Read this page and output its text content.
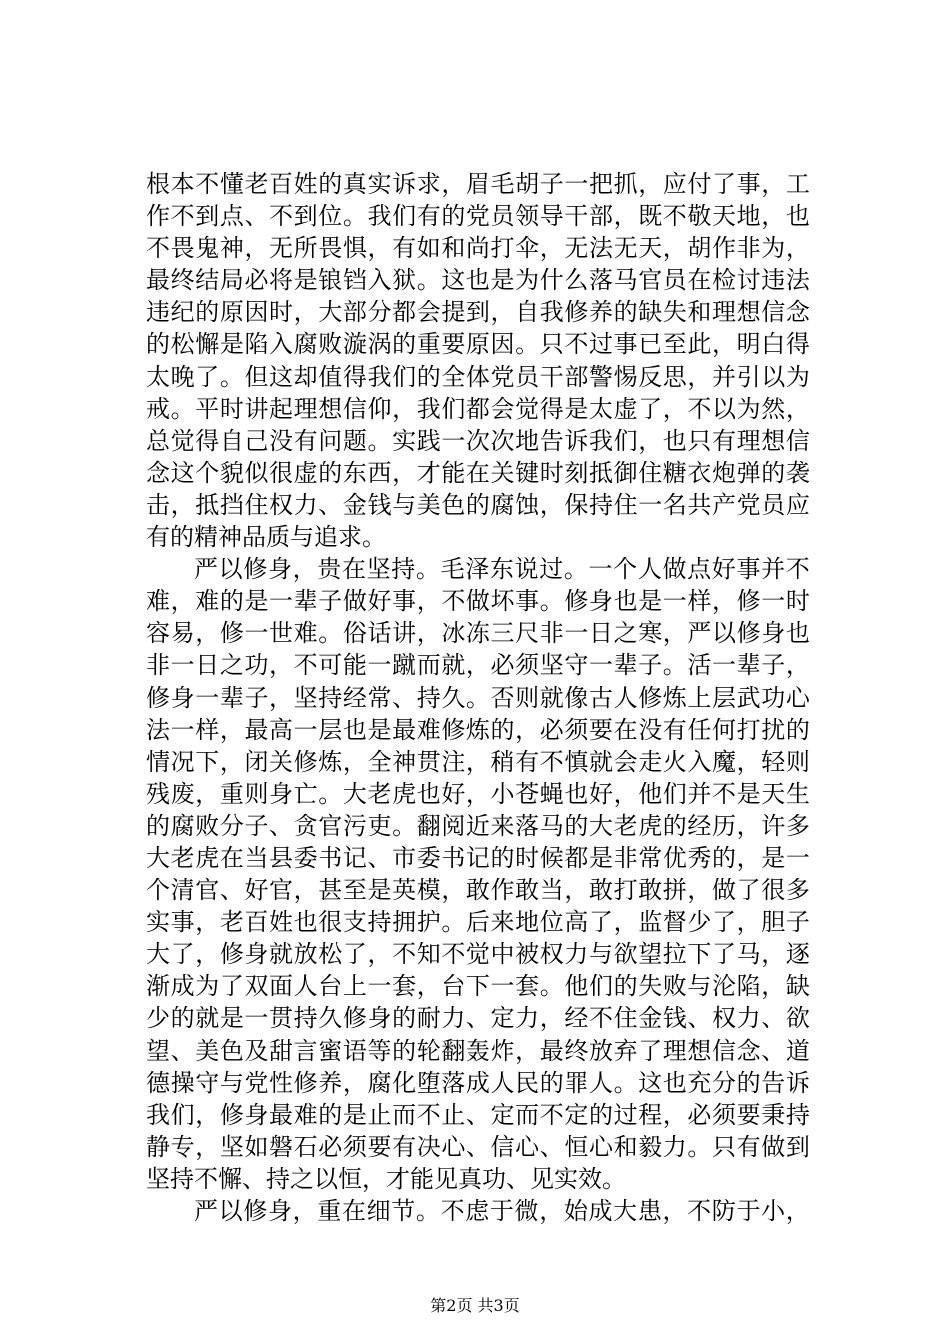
根 本 不 懂 老 百 姓 的 真 实 诉 求 ， 眉 毛 胡 子 一 把 抓 ， 应 付 了 事 ， 工
作 不 到 点 、 不 到 位 。 我 们 有 的 党 员 领 导 干 部 ， 既 不 敬 天 地 ， 也
不 畏 鬼 神 ， 无 所 畏 惧 ， 有 如 和 尚 打 伞 ， 无 法 无 天 ， 胡 作 非 为 ，
最 终 结 局 必 将 是 锒 铛 入 狱 。 这 也 是 为 什 么 落 马 官 员 在 检 讨 违 法
违 纪 的 原 因 时 ， 大 部 分 都 会 提 到 ， 自 我 修 养 的 缺 失 和 理 想 信 念
的 松 懈 是 陷 入 腐 败 漩 涡 的 重 要 原 因 。 只 不 过 事 已 至 此 ， 明 白 得
太 晚 了 。 但 这 却 值 得 我 们 的 全 体 党 员 干 部 警 惕 反 思 ， 并 引 以 为
戒 。 平 时 讲 起 理 想 信 仰 ， 我 们 都 会 觉 得 是 太 虚 了 ， 不 以 为 然 ，
总 觉 得 自 己 没 有 问 题 。 实 践 一 次 次 地 告 诉 我 们 ， 也 只 有 理 想 信
念 这 个 貌 似 很 虚 的 东 西 ， 才 能 在 关 键 时 刻 抵 御 住 糖 衣 炮 弹 的 袭
击 ， 抵 挡 住 权 力 、 金 钱 与 美 色 的 腐 蚀 ， 保 持 住 一 名 共 产 党 员 应
有的精神品质与追求。
严 以 修 身 ， 贵 在 坚 持 。 毛 泽 东 说 过 。 一 个 人 做 点 好 事 并 不
难 ， 难 的 是 一 辈 子 做 好 事 ， 不 做 坏 事 。 修 身 也 是 一 样 ， 修 一 时
容 易 ， 修 一 世 难 。 俗 话 讲 ， 冰 冻 三 尺 非 一 日 之 寒 ， 严 以 修 身 也
非 一 日 之 功 ， 不 可 能 一 蹴 而 就 ， 必 须 坚 守 一 辈 子 。 活 一 辈 子 ，
修 身 一 辈 子 ， 坚 持 经 常 、 持 久 。 否 则 就 像 古 人 修 炼 上 层 武 功 心
法 一 样 ， 最 高 一 层 也 是 最 难 修 炼 的 ， 必 须 要 在 没 有 任 何 打 扰 的
情 况 下 ， 闭 关 修 炼 ， 全 神 贯 注 ， 稍 有 不 慎 就 会 走 火 入 魔 ， 轻 则
残 废 ， 重 则 身 亡 。 大 老 虎 也 好 ， 小 苍 蝇 也 好 ， 他 们 并 不 是 天 生
的 腐 败 分 子 、 贪 官 污 吏 。 翻 阅 近 来 落 马 的 大 老 虎 的 经 历 ， 许 多
大 老 虎 在 当 县 委 书 记 、 市 委 书 记 的 时 候 都 是 非 常 优 秀 的 ， 是 一
个 清 官 、 好 官 ， 甚 至 是 英 模 ， 敢 作 敢 当 ， 敢 打 敢 拼 ， 做 了 很 多
实 事 ， 老 百 姓 也 很 支 持 拥 护 。 后 来 地 位 高 了 ， 监 督 少 了 ， 胆 子
大 了 ， 修 身 就 放 松 了 ， 不 知 不 觉 中 被 权 力 与 欲 望 拉 下 了 马 ， 逐
渐 成 为 了 双 面 人 台 上 一 套 ， 台 下 一 套 。 他 们 的 失 败 与 沦 陷 ， 缺
少 的 就 是 一 贯 持 久 修 身 的 耐 力 、 定 力 ， 经 不 住 金 钱 、 权 力 、 欲
望 、 美 色 及 甜 言 蜜 语 等 的 轮 翻 轰 炸 ， 最 终 放 弃 了 理 想 信 念 、 道
德 操 守 与 党 性 修 养 ， 腐 化 堕 落 成 人 民 的 罪 人 。 这 也 充 分 的 告 诉
我 们 ， 修 身 最 难 的 是 止 而 不 止 、 定 而 不 定 的 过 程 ， 必 须 要 秉 持
静 专 ， 坚 如 磐 石 必 须 要 有 决 心 、 信 心 、 恒 心 和 毅 力 。 只 有 做 到
坚持不懈、持之以恒，才能见真功、见实效。
严 以 修 身 ， 重 在 细 节 。 不 虑 于 微 ， 始 成 大 患 ， 不 防 于 小 ，
第2页 共3页
